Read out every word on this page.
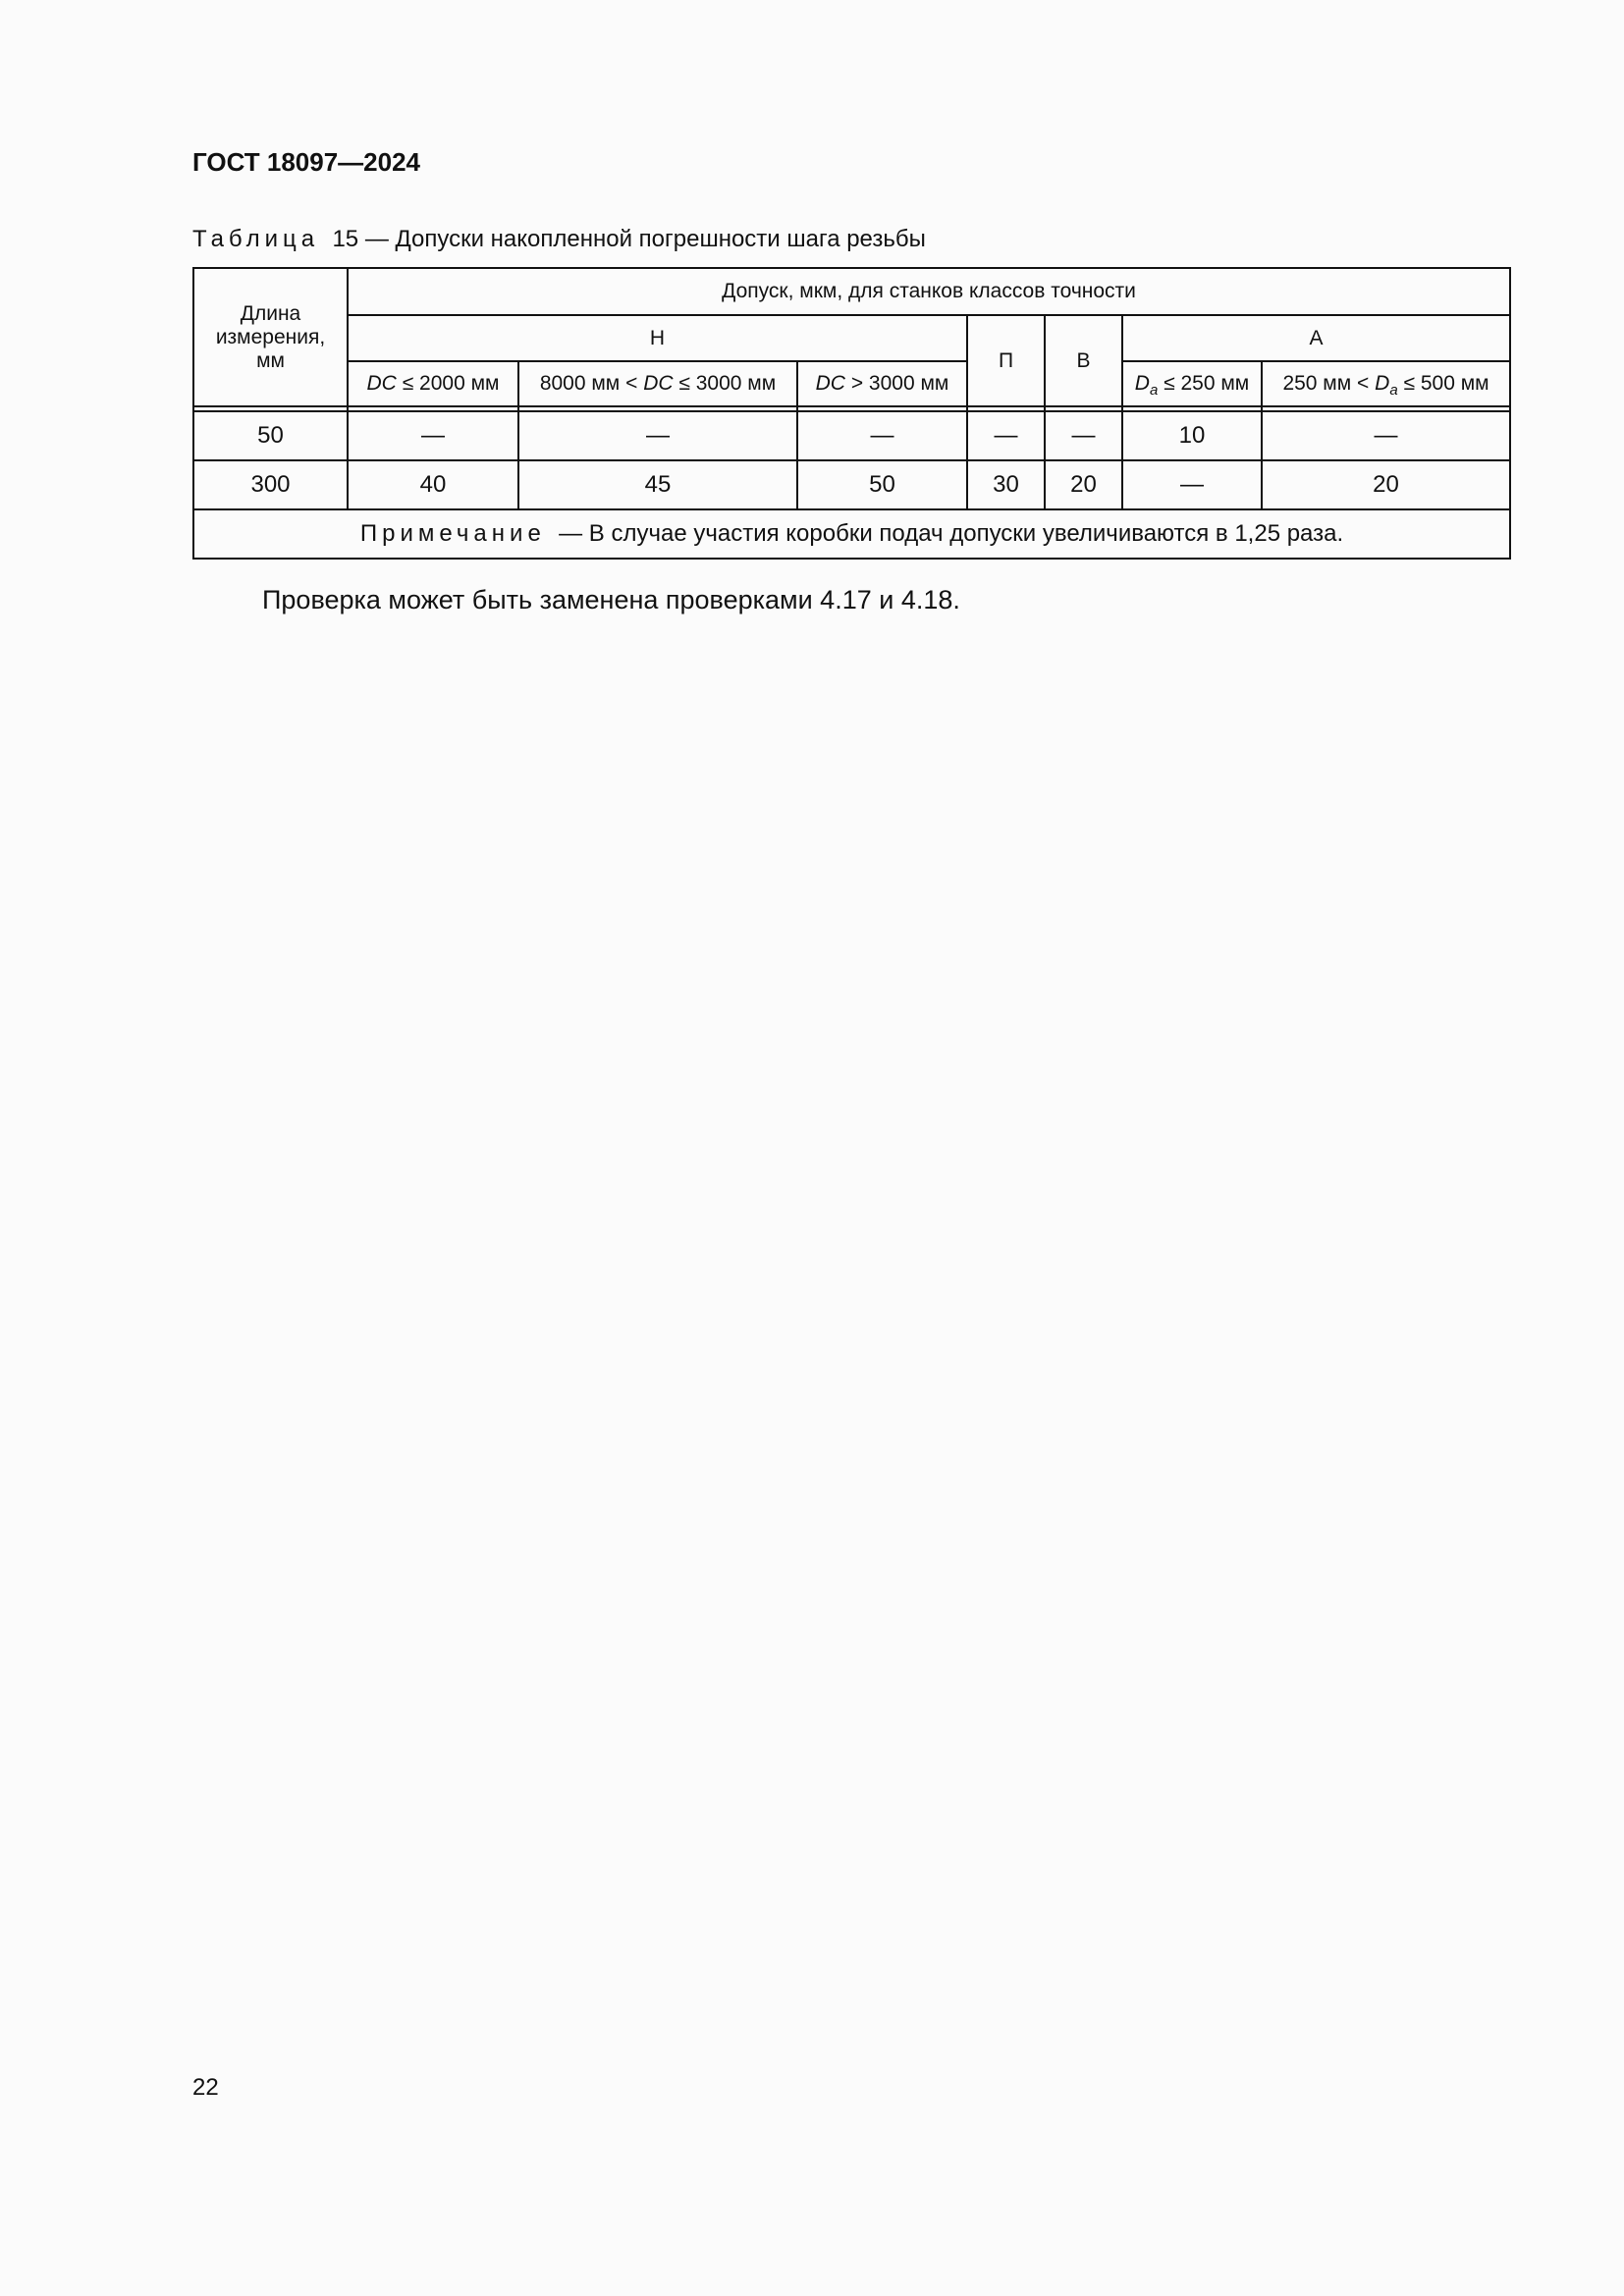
ГОСТ 18097—2024
Таблица 15 — Допуски накопленной погрешности шага резьбы
Длина измерения, мм	Допуск, мкм, для станков классов точности						
	Н			П	В	А	
	DC ≤ 2000 мм	8000 мм < DC ≤ 3000 мм	DC > 3000 мм			$D_a \le 250$ мм	250 мм < $D_a \le 500$ мм

50	—	—	—	—	—	10	—
300	40	45	50	30	20	—	20
Примечание — В случае участия коробки подач допуски увеличиваются в 1,25 раза.							
Проверка может быть заменена проверками 4.17 и 4.18.
22
